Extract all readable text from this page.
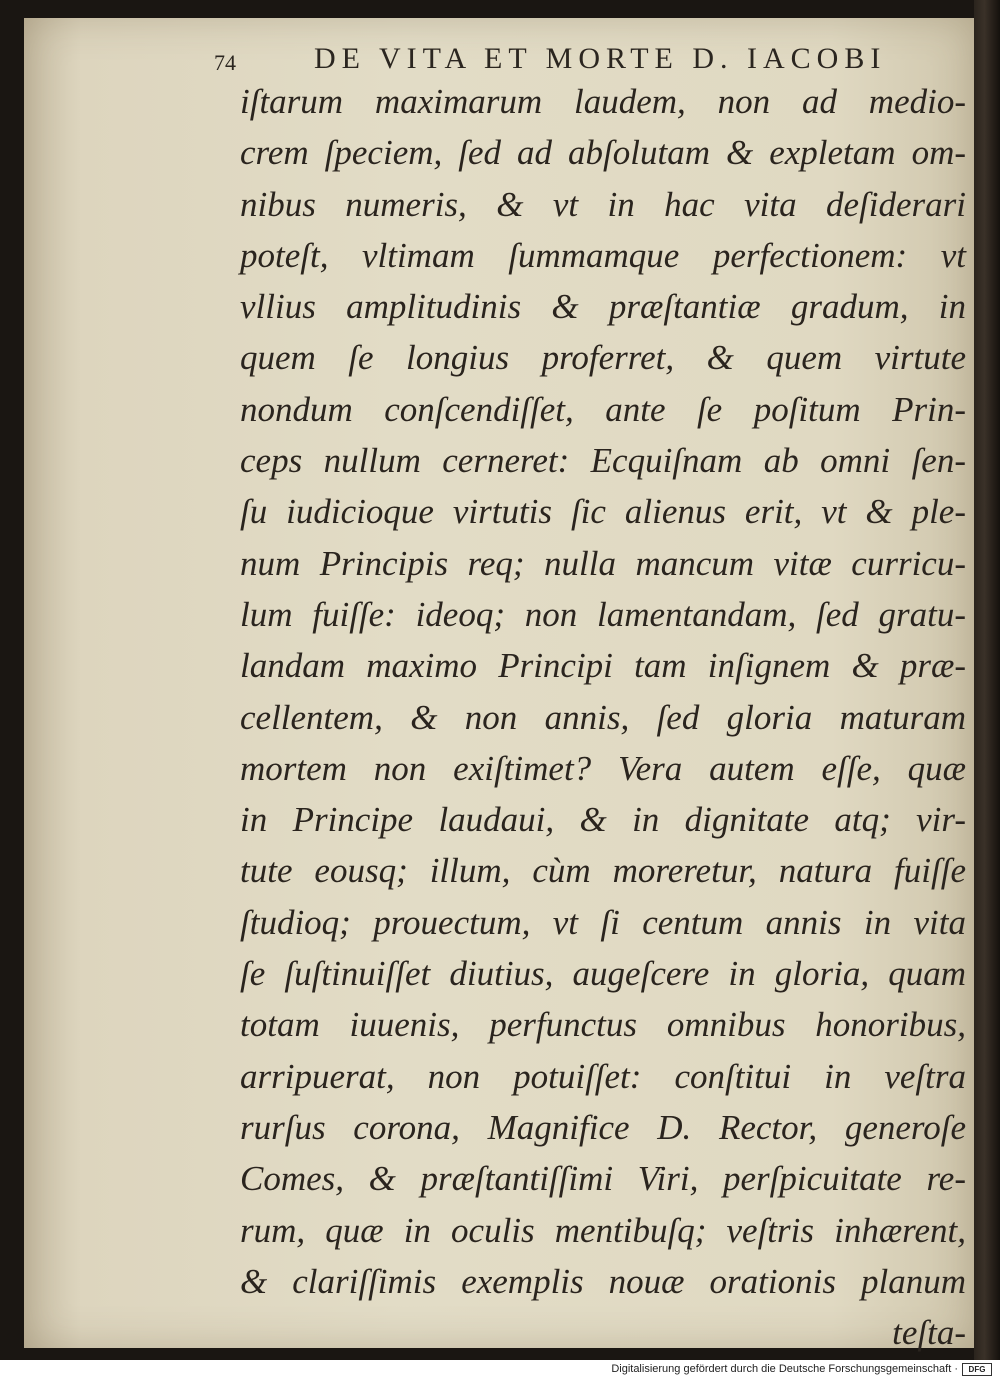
74	DE VITA ET MORTE D. IACOBI
iſtarum maximarum laudem, non ad medio-
crem ſpeciem, ſed ad abſolutam & expletam om-
nibus numeris, & vt in hac vita deſiderari
poteſt, vltimam ſummamque perfectionem: vt
vllius amplitudinis & præſtantiæ gradum, in
quem ſe longius proferret, & quem virtute
nondum conſcendiſſet, ante ſe poſitum Prin-
ceps nullum cerneret: Ecquiſnam ab omni ſen-
ſu iudicioque virtutis ſic alienus erit, vt & ple-
num Principis req; nulla mancum vitæ curricu-
lum fuiſſe: ideoq; non lamentandam, ſed gratu-
landam maximo Principi tam inſignem & præ-
cellentem, & non annis, ſed gloria maturam
mortem non exiſtimet? Vera autem eſſe, quæ
in Principe laudaui, & in dignitate atq; vir-
tute eousq; illum, cùm moreretur, natura fuiſſe
ſtudioq; prouectum, vt ſi centum annis in vita
ſe ſuſtinuiſſet diutius, augeſcere in gloria, quam
totam iuuenis, perfunctus omnibus honoribus,
arripuerat, non potuiſſet: conſtitui in veſtra
rurſus corona, Magnifice D. Rector, generoſe
Comes, & præſtantiſſimi Viri, perſpicuitate re-
rum, quæ in oculis mentibuſq; veſtris inhærent,
& clariſſimis exemplis nouæ orationis planum
teſta-
Digitalisierung gefördert durch die Deutsche Forschungsgemeinschaft ·	DFG
